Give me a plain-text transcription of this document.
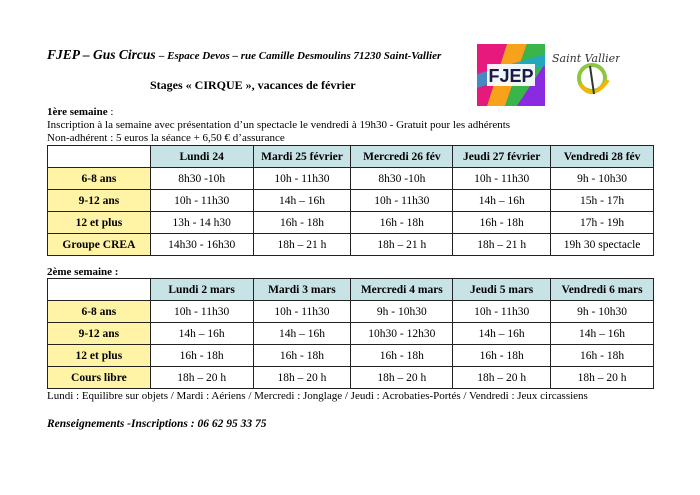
FJEP – Gus Circus – Espace Devos – rue Camille Desmoulins 71230 Saint-Vallier
Stages « CIRQUE », vacances de février	FJEP
Saint Vallier
1ère semaine :
Inscription à la semaine avec présentation d’un spectacle le vendredi à 19h30 - Gratuit pour les adhérents
Non-adhérent : 5 euros la séance + 6,50 € d’assurance
	Lundi 24	Mardi 25 février	Mercredi 26 fév	Jeudi 27 février	Vendredi 28 fév
6-8 ans	8h30 -10h	10h - 11h30	8h30 -10h	10h - 11h30	9h - 10h30
9-12 ans	10h - 11h30	14h – 16h	10h - 11h30	14h – 16h	15h - 17h
12 et plus	13h - 14 h30	16h - 18h	16h - 18h	16h - 18h	17h - 19h
Groupe CREA	14h30 - 16h30	18h – 21 h	18h – 21 h	18h – 21 h	19h 30 spectacle
2ème semaine :
	Lundi 2 mars	Mardi 3 mars	Mercredi 4 mars	Jeudi 5 mars	Vendredi 6 mars
6-8 ans	10h - 11h30	10h - 11h30	9h - 10h30	10h - 11h30	9h - 10h30
9-12 ans	14h – 16h	14h – 16h	10h30 - 12h30	14h – 16h	14h – 16h
12 et plus	16h - 18h	16h - 18h	16h - 18h	16h - 18h	16h - 18h
Cours libre	18h – 20 h	18h – 20 h	18h – 20 h	18h – 20 h	18h – 20 h
Lundi : Equilibre sur objets / Mardi : Aériens / Mercredi : Jonglage / Jeudi : Acrobaties-Portés / Vendredi : Jeux circassiens
Renseignements -Inscriptions : 06 62 95 33 75
